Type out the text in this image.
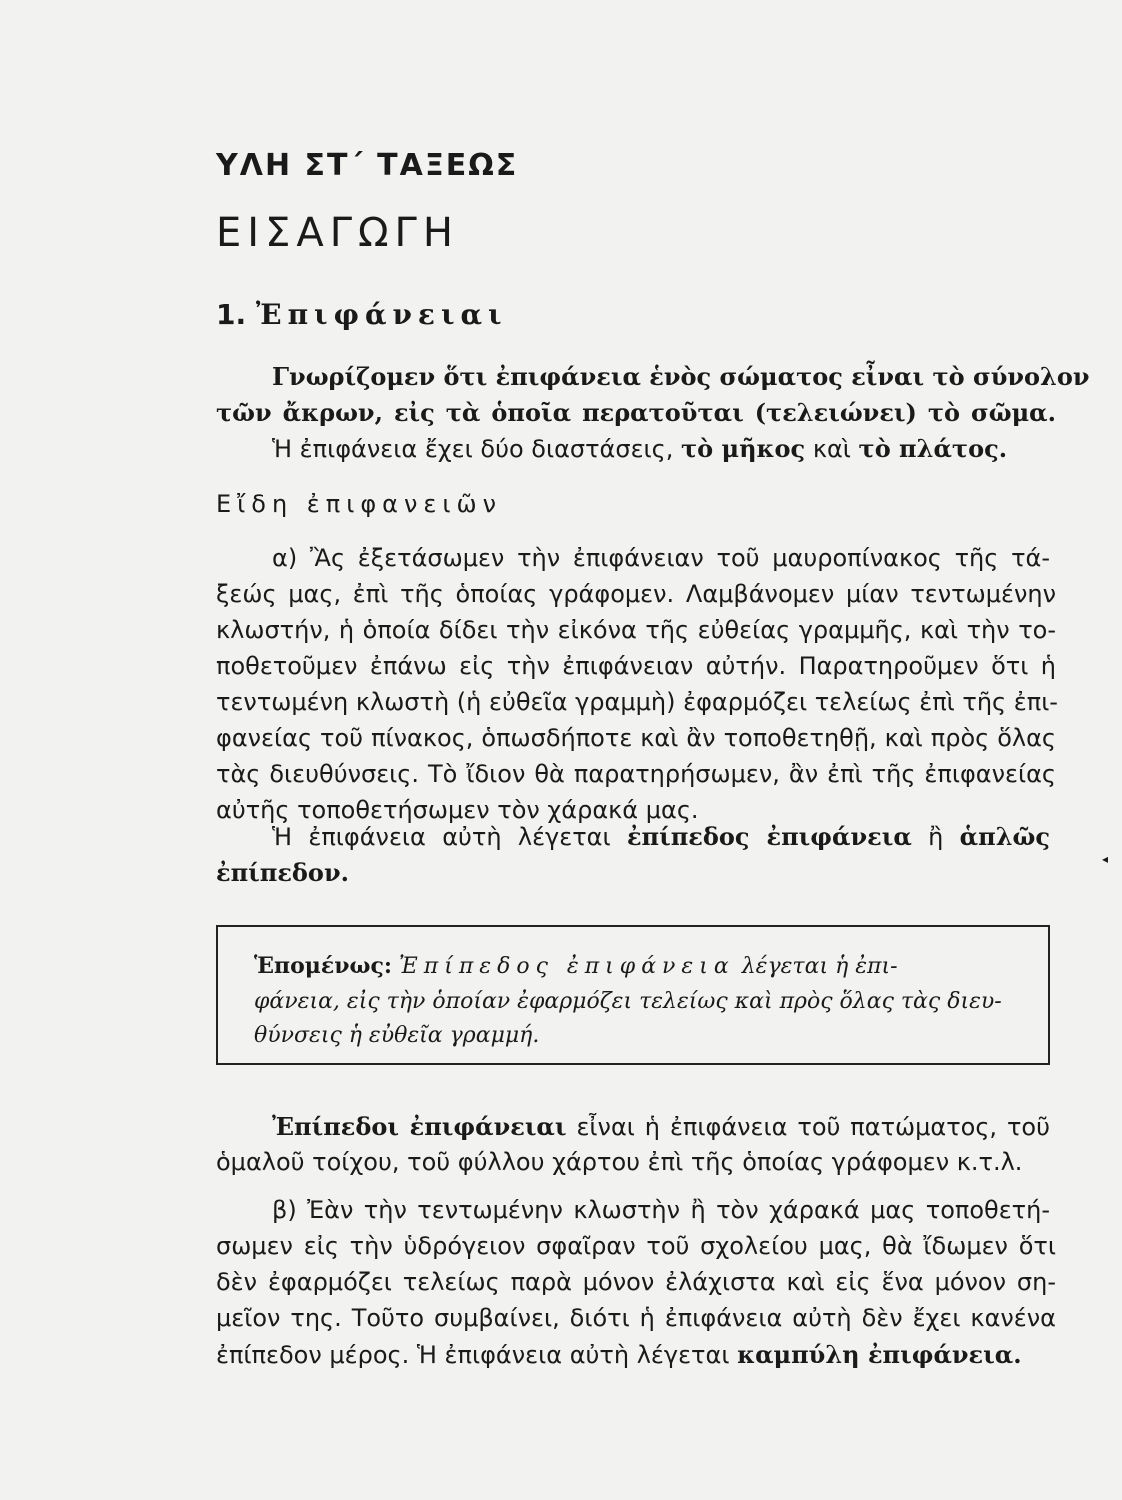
ΥΛΗ ΣΤ΄ ΤΑΞΕΩΣ
ΕΙΣΑΓΩΓΗ
1. Ἐπιφάνειαι
Γνωρίζομεν ὅτι ἐπιφάνεια ἑνὸς σώματος εἶναι τὸ σύνολον
τῶν ἄκρων, εἰς τὰ ὁποῖα περατοῦται (τελειώνει) τὸ σῶμα.
Ἡ ἐπιφάνεια ἔχει δύο διαστάσεις, τὸ μῆκος καὶ τὸ πλάτος.
Εἴδη ἐπιφανειῶν
α) Ἂς ἐξετάσωμεν τὴν ἐπιφάνειαν τοῦ μαυροπίνακος τῆς τά-
ξεώς μας, ἐπὶ τῆς ὁποίας γράφομεν. Λαμβάνομεν μίαν τεντωμένην
κλωστήν, ἡ ὁποία δίδει τὴν εἰκόνα τῆς εὐθείας γραμμῆς, καὶ τὴν το-
ποθετοῦμεν ἐπάνω εἰς τὴν ἐπιφάνειαν αὐτήν. Παρατηροῦμεν ὅτι ἡ
τεντωμένη κλωστὴ (ἡ εὐθεῖα γραμμὴ) ἐφαρμόζει τελείως ἐπὶ τῆς ἐπι-
φανείας τοῦ πίνακος, ὁπωσδήποτε καὶ ἂν τοποθετηθῇ, καὶ πρὸς ὅλας
τὰς διευθύνσεις. Τὸ ἴδιον θὰ παρατηρήσωμεν, ἂν ἐπὶ τῆς ἐπιφανείας
αὐτῆς τοποθετήσωμεν τὸν χάρακά μας.
Ἡ ἐπιφάνεια αὐτὴ λέγεται ἐπίπεδος ἐπιφάνεια ἢ ἁπλῶς
ἐπίπεδον.
Ἑπομένως: Ἐπίπεδος ἐπιφάνεια λέγεται ἡ ἐπι-
φάνεια, εἰς τὴν ὁποίαν ἐφαρμόζει τελείως καὶ πρὸς ὅλας τὰς διευ-
θύνσεις ἡ εὐθεῖα γραμμή.
Ἐπίπεδοι ἐπιφάνειαι εἶναι ἡ ἐπιφάνεια τοῦ πατώματος, τοῦ
ὁμαλοῦ τοίχου, τοῦ φύλλου χάρτου ἐπὶ τῆς ὁποίας γράφομεν κ.τ.λ.
β) Ἐὰν τὴν τεντωμένην κλωστὴν ἢ τὸν χάρακά μας τοποθετή-
σωμεν εἰς τὴν ὑδρόγειον σφαῖραν τοῦ σχολείου μας, θὰ ἴδωμεν ὅτι
δὲν ἐφαρμόζει τελείως παρὰ μόνον ἐλάχιστα καὶ εἰς ἕνα μόνον ση-
μεῖον της. Τοῦτο συμβαίνει, διότι ἡ ἐπιφάνεια αὐτὴ δὲν ἔχει κανένα
ἐπίπεδον μέρος. Ἡ ἐπιφάνεια αὐτὴ λέγεται καμπύλη ἐπιφάνεια.
◂
